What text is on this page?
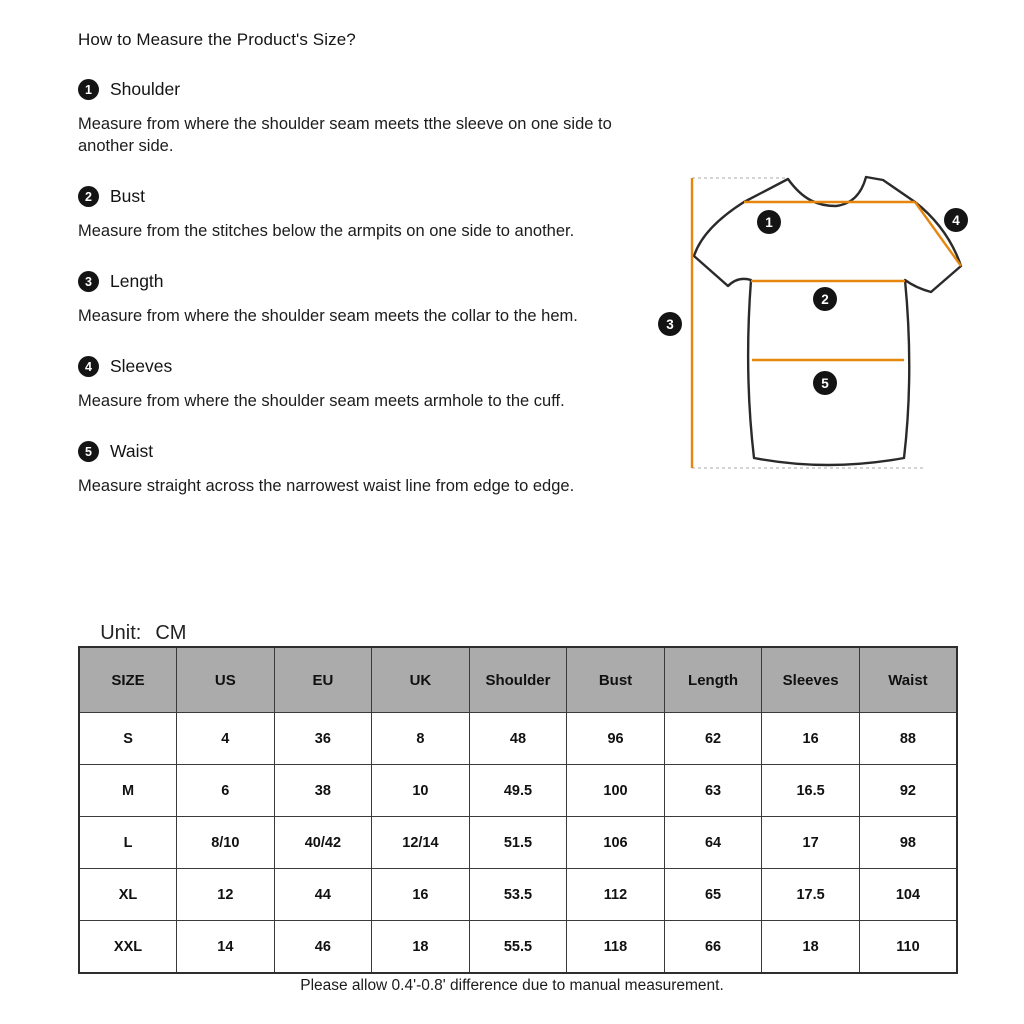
How to Measure the Product's Size?
1	Shoulder

Measure from where the shoulder seam meets tthe sleeve on one side to another side.

2	Bust

Measure from the stitches below the armpits on one side to another.

3	Length

Measure from where the shoulder seam meets the collar to the hem.

4	Sleeves

Measure from where the shoulder seam meets armhole to the cuff.

5	Waist

Measure straight across the narrowest waist line from edge to edge.

1
2
3
4
5

Unit: CM

SIZE	US	EU	UK	Shoulder	Bust	Length	Sleeves	Waist
S	4	36	8	48	96	62	16	88
M	6	38	10	49.5	100	63	16.5	92
L	8/10	40/42	12/14	51.5	106	64	17	98
XL	12	44	16	53.5	112	65	17.5	104
XXL	14	46	18	55.5	118	66	18	110
Please allow 0.4'-0.8' difference due to manual measurement.
